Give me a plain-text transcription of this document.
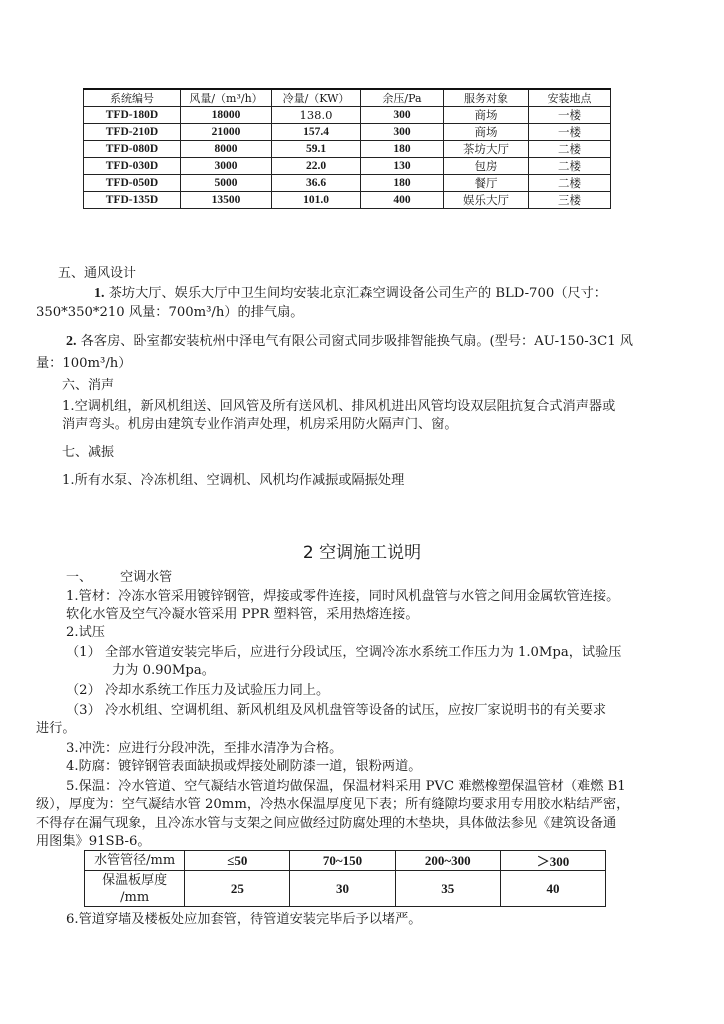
系统编号	风量/（m³/h）	冷量/（KW）	余压/Pa	服务对象	安装地点
TFD-180D	18000	138.0	300	商场	一楼
TFD-210D	21000	157.4	300	商场	一楼
TFD-080D	8000	59.1	180	茶坊大厅	二楼
TFD-030D	3000	22.0	130	包房	二楼
TFD-050D	5000	36.6	180	餐厅	二楼
TFD-135D	13500	101.0	400	娱乐大厅	三楼
五、通风设计
1. 茶坊大厅、娱乐大厅中卫生间均安装北京汇森空调设备公司生产的 BLD-700（尺寸：
350*350*210 风量：700m³/h）的排气扇。
2. 各客房、卧室都安装杭州中泽电气有限公司窗式同步吸排智能换气扇。(型号：AU-150-3C1 风
量：100m³/h）
六、消声
1.空调机组，新风机组送、回风管及所有送风机、排风机进出风管均设双层阻抗复合式消声器或
消声弯头。机房由建筑专业作消声处理，机房采用防火隔声门、窗。
七、减振
1.所有水泵、冷冻机组、空调机、风机均作减振或隔振处理
2 空调施工说明
一、 空调水管
1.管材：冷冻水管采用镀锌钢管，焊接或零件连接，同时风机盘管与水管之间用金属软管连接。
软化水管及空气冷凝水管采用 PPR 塑料管，采用热熔连接。
2.试压
（1） 全部水管道安装完毕后，应进行分段试压，空调冷冻水系统工作压力为 1.0Mpa，试验压
力为 0.90Mpa。
（2） 冷却水系统工作压力及试验压力同上。
（3） 冷水机组、空调机组、新风机组及风机盘管等设备的试压，应按厂家说明书的有关要求
进行。
3.冲洗：应进行分段冲洗，至排水清净为合格。
4.防腐：镀锌钢管表面缺损或焊接处刷防漆一道，银粉两道。
5.保温：冷水管道、空气凝结水管道均做保温，保温材料采用 PVC 难燃橡塑保温管材（难燃 B1
级），厚度为：空气凝结水管 20mm，冷热水保温厚度见下表；所有缝隙均要求用专用胶水粘结严密，
不得存在漏气现象，且冷冻水管与支架之间应做经过防腐处理的木垫块，具体做法参见《建筑设备通
用图集》91SB-6。
水管管径/mm	≤50	70~150	200~300	＞300

保温板厚度
/mm	25	30	35	40
6.管道穿墙及楼板处应加套管，待管道安装完毕后予以堵严。
